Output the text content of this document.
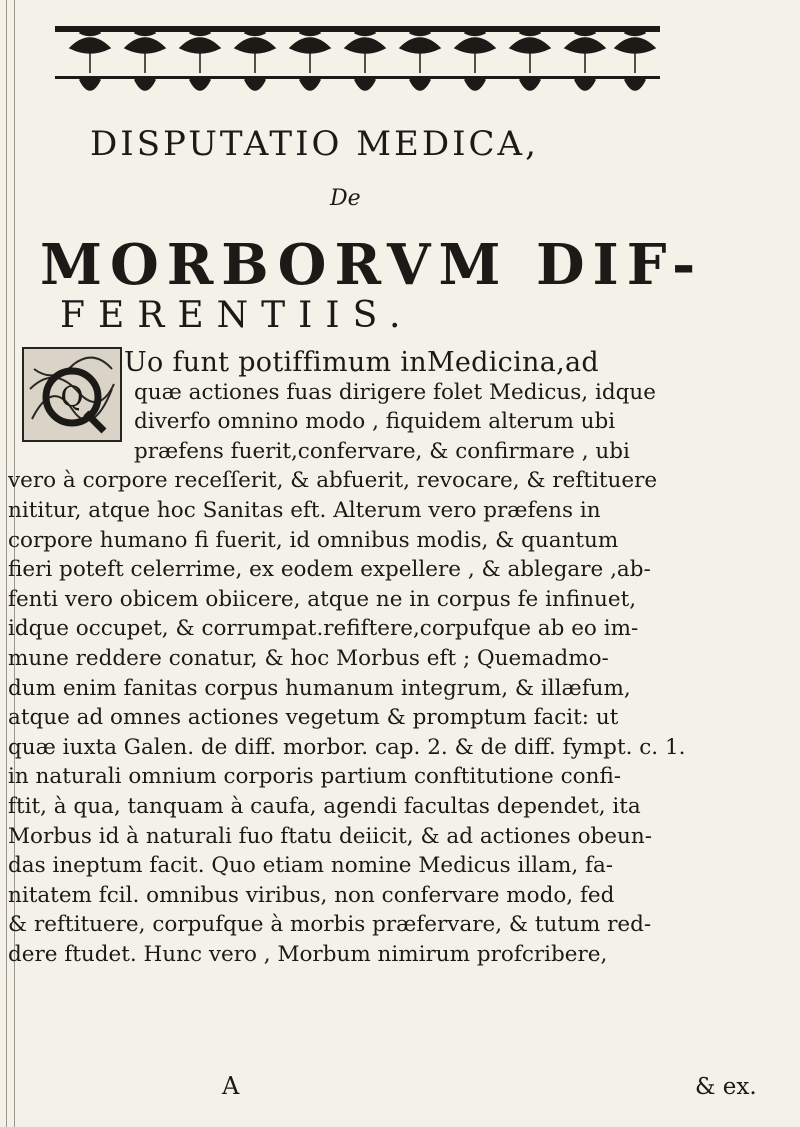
DISPUTATIO MEDICA,
De
MORBORVM DIF-
FERENTIIS.
Uo funt potiffimum inMedicina,ad
quæ actiones fuas dirigere folet Medicus, idque
diverfo omnino modo , fiquidem alterum ubi
præfens fuerit,confervare, & confirmare , ubi
vero à corpore receſſerit, & abfuerit, revocare, & reftituere
nititur, atque hoc Sanitas eft. Alterum vero præfens in
corpore humano fi fuerit, id omnibus modis, & quantum
fieri poteft celerrime, ex eodem expellere , & ablegare ,ab-
fenti vero obicem obiicere, atque ne in corpus fe infinuet,
idque occupet, & corrumpat.refiftere,corpufque ab eo im-
mune reddere conatur, & hoc Morbus eft ; Quemadmo-
dum enim fanitas corpus humanum integrum, & illæfum,
atque ad omnes actiones vegetum & promptum facit: ut
quæ iuxta Galen. de diff. morbor. cap. 2. & de diff. fympt. c. 1.
in naturali omnium corporis partium conftitutione confi-
ftit, à qua, tanquam à caufa, agendi facultas dependet, ita
Morbus id à naturali fuo ftatu deiicit, & ad actiones obeun-
das ineptum facit. Quo etiam nomine Medicus illam, fa-
nitatem fcil. omnibus viribus, non confervare modo, fed
& reftituere, corpufque à morbis præfervare, & tutum red-
dere ftudet. Hunc vero , Morbum nimirum profcribere,
Q
A	& ex.
